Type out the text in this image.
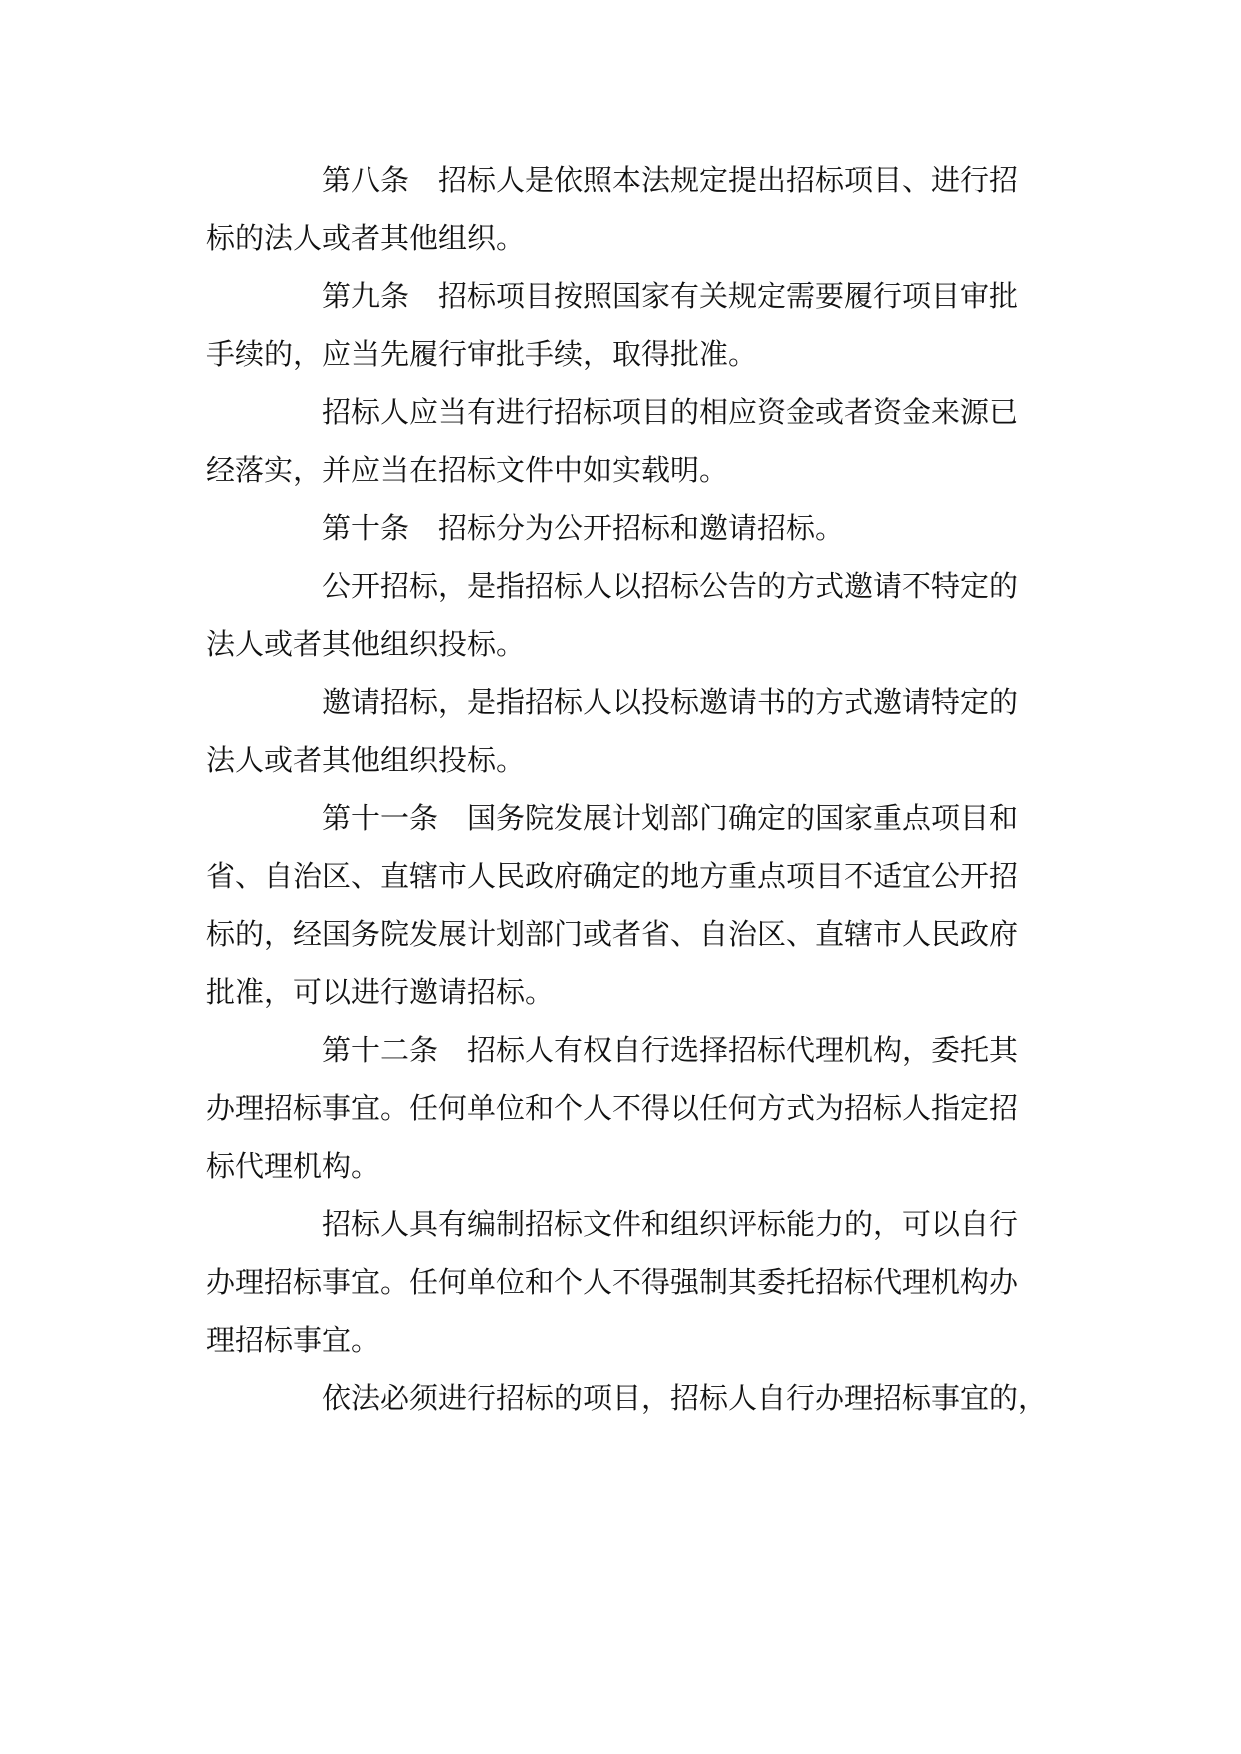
第八条　招标人是依照本法规定提出招标项目、进行招
标的法人或者其他组织。
第九条　招标项目按照国家有关规定需要履行项目审批
手续的，应当先履行审批手续，取得批准。
招标人应当有进行招标项目的相应资金或者资金来源已
经落实，并应当在招标文件中如实载明。
第十条　招标分为公开招标和邀请招标。
公开招标，是指招标人以招标公告的方式邀请不特定的
法人或者其他组织投标。
邀请招标，是指招标人以投标邀请书的方式邀请特定的
法人或者其他组织投标。
第十一条　国务院发展计划部门确定的国家重点项目和
省、自治区、直辖市人民政府确定的地方重点项目不适宜公开招
标的，经国务院发展计划部门或者省、自治区、直辖市人民政府
批准，可以进行邀请招标。
第十二条　招标人有权自行选择招标代理机构，委托其
办理招标事宜。任何单位和个人不得以任何方式为招标人指定招
标代理机构。
招标人具有编制招标文件和组织评标能力的，可以自行
办理招标事宜。任何单位和个人不得强制其委托招标代理机构办
理招标事宜。
依法必须进行招标的项目，招标人自行办理招标事宜的，
